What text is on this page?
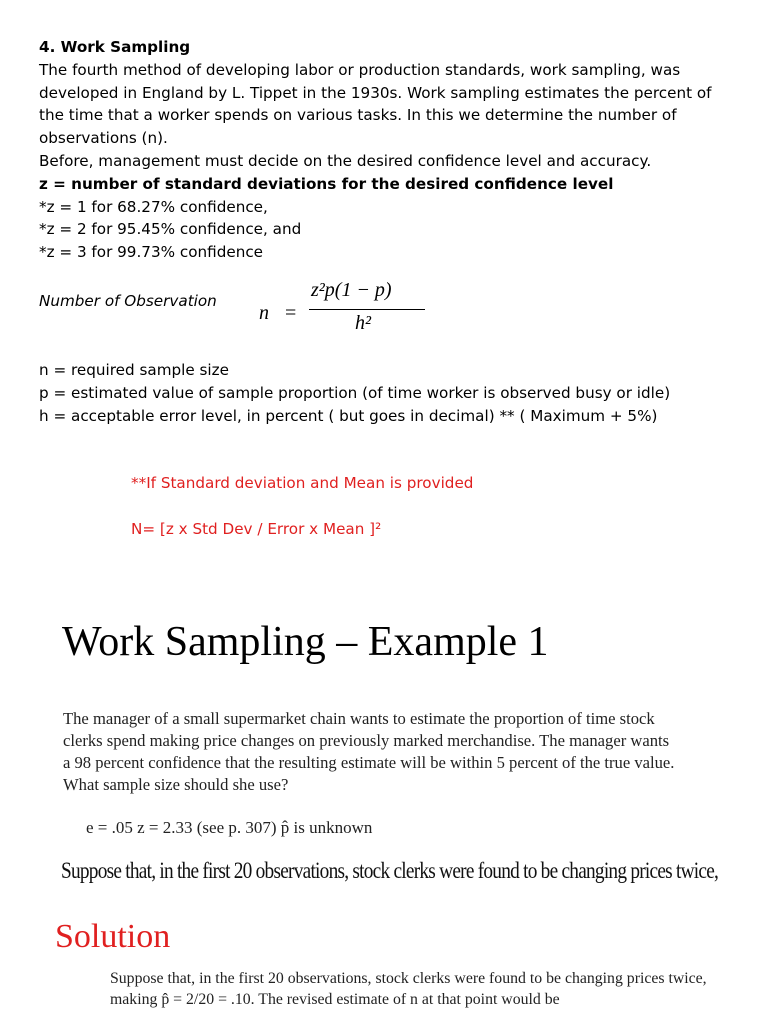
4. Work Sampling
The fourth method of developing labor or production standards, work sampling, was
developed in England by L. Tippet in the 1930s. Work sampling estimates the percent of
the time that a worker spends on various tasks. In this we determine the number of
observations (n).
Before, management must decide on the desired confidence level and accuracy.
z = number of standard deviations for the desired confidence level
*z = 1 for 68.27% confidence,
*z = 2 for 95.45% confidence, and
*z = 3 for 99.73% confidence
Number of Observation
n =
z²p(1 − p)
h²
n = required sample size
p = estimated value of sample proportion (of time worker is observed busy or idle)
h = acceptable error level, in percent ( but goes in decimal) ** ( Maximum + 5%)
**If Standard deviation and Mean is provided
N= [z x Std Dev / Error x Mean ]²
Work Sampling – Example 1
The manager of a small supermarket chain wants to estimate the proportion of time stock
clerks spend making price changes on previously marked merchandise. The manager wants
a 98 percent confidence that the resulting estimate will be within 5 percent of the true value.
What sample size should she use?
e = .05 z = 2.33 (see p. 307) p̂ is unknown
Suppose that, in the first 20 observations, stock clerks were found to be changing prices twice,
Solution
Suppose that, in the first 20 observations, stock clerks were found to be changing prices twice,
making p̂ = 2/20 = .10. The revised estimate of n at that point would be
